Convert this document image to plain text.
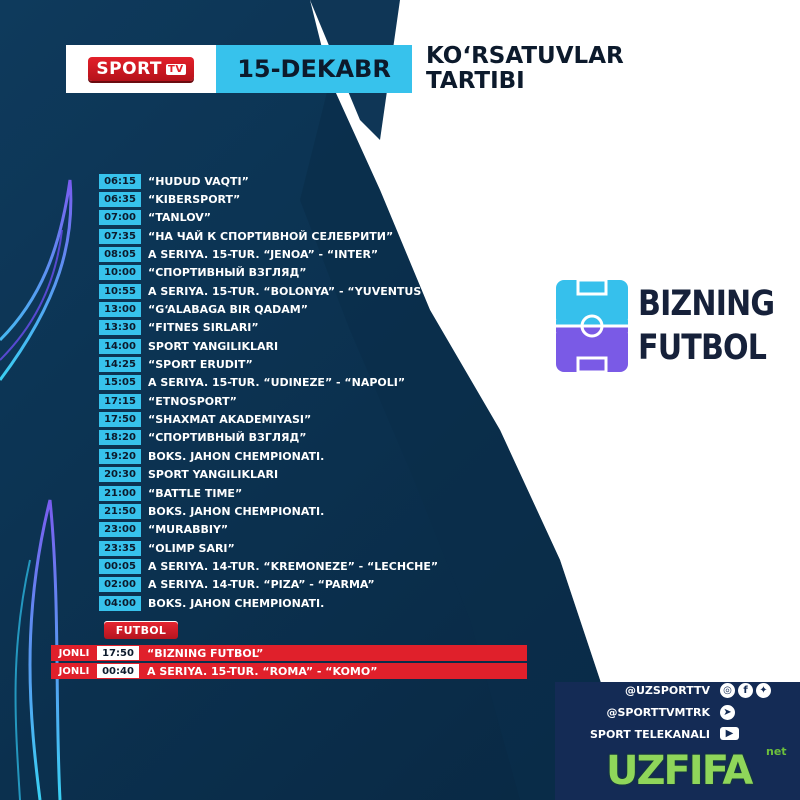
SPORT TV	15-DEKABR	KO‘RSATUVLAR
TARTIBI
06:15	“HUDUD VAQTI”
06:35	“KIBERSPORT”
07:00	“TANLOV”
07:35	“НА ЧАЙ К СПОРТИВНОЙ СЕЛЕБРИТИ”
08:05	A SERIYA. 15-TUR. “JENOA” - “INTER”
10:00	“СПОРТИВНЫЙ ВЗГЛЯД”
10:55	A SERIYA. 15-TUR. “BOLONYA” - “YUVENTUS”
13:00	“G‘ALABAGA BIR QADAM”
13:30	“FITNES SIRLARI”
14:00	SPORT YANGILIKLARI
14:25	“SPORT ERUDIT”
15:05	A SERIYA. 15-TUR. “UDINEZE” - “NAPOLI”
17:15	“ETNOSPORT”
17:50	“SHAXMAT AKADEMIYASI”
18:20	“СПОРТИВНЫЙ ВЗГЛЯД”
19:20	BOKS. JAHON CHEMPIONATI.
20:30	SPORT YANGILIKLARI
21:00	“BATTLE TIME”
21:50	BOKS. JAHON CHEMPIONATI.
23:00	“MURABBIY”
23:35	“OLIMP SARI”
00:05	A SERIYA. 14-TUR. “KREMONEZE” - “LECHCHE”
02:00	A SERIYA. 14-TUR. “PIZA” - “PARMA”
04:00	BOKS. JAHON CHEMPIONATI.
FUTBOL
JONLI	17:50	“BIZNING FUTBOL”
JONLI	00:40	A SERIYA. 15-TUR. “ROMA” - “KOMO”
BIZNING
FUTBOL
@UZSPORTTV	◎	f	✦
@SPORTTVMTRK	➤
SPORT TELEKANALI	▶
UZFIFA net
